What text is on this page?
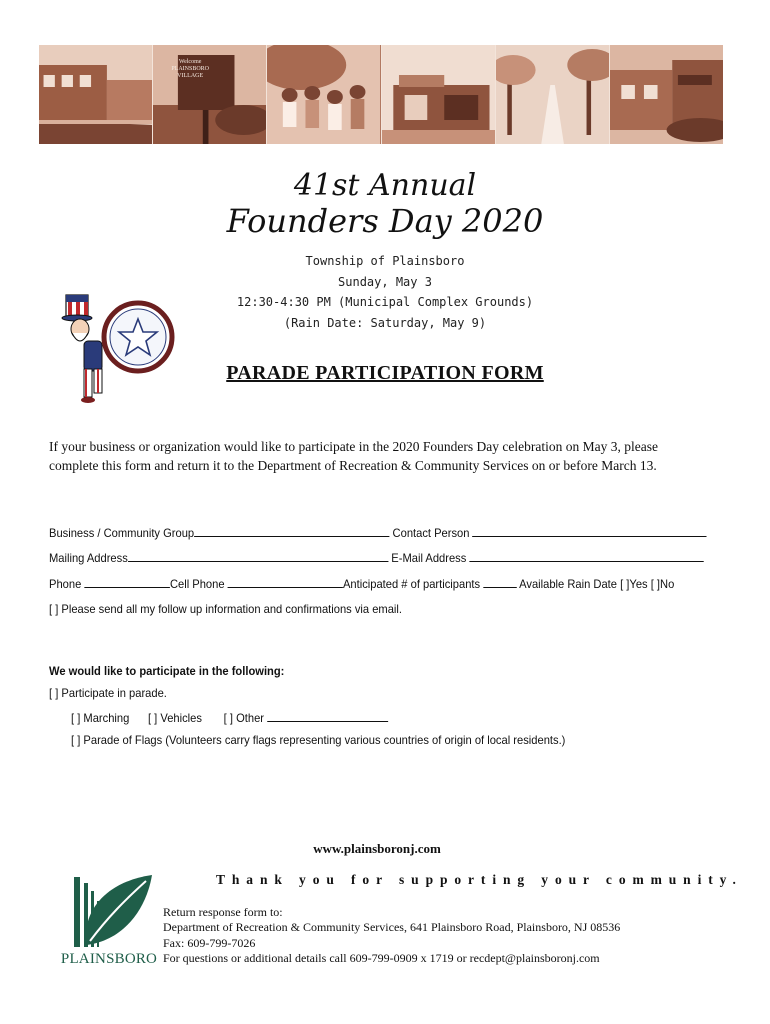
Welcome
PLAINSBORO
VILLAGE
41st Annual
Founders Day 2020
Township of Plainsboro
Sunday, May 3
12:30-4:30 PM (Municipal Complex Grounds)
(Rain Date: Saturday, May 9)
PARADE PARTICIPATION FORM
If your business or organization would like to participate in the 2020 Founders Day celebration on May 3, please
complete this form and return it to the Department of Recreation & Community Services on or before March 13.
Business / Community Group	Contact Person
Mailing Address	E-Mail Address
Phone	Cell Phone	Anticipated # of participants	Available Rain Date [ ]Yes [ ]No
[ ] Please send all my follow up information and confirmations via email.
We would like to participate in the following:
[ ] Participate in parade.
[ ] Marching [ ] Vehicles [ ] Other
[ ] Parade of Flags (Volunteers carry flags representing various countries of origin of local residents.)
www.plainsboronj.com
Thank you for supporting your community.
PLAINSBORO
Return response form to:
Department of Recreation & Community Services, 641 Plainsboro Road, Plainsboro, NJ 08536
Fax: 609-799-7026
For questions or additional details call 609-799-0909 x 1719 or recdept@plainsboronj.com
